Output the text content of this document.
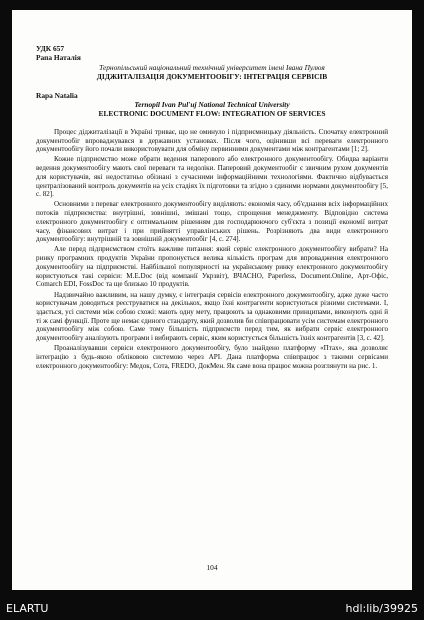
УДК 657
Рапа Наталія
Тернопільський національний технічний університет імені Івана Пулюя
ДІДЖИТАЛІЗАЦІЯ ДОКУМЕНТООБІГУ: ІНТЕГРАЦІЯ СЕРВІСІВ
Rapa Natalia
Ternopil Ivan Pul'uj National Technical University
ELECTRONIC DOCUMENT FLOW: INTEGRATION OF SERVICES

Процес діджиталізації в Україні триває, що не оминуло і підприємницьку діяльність. Спочатку електронний документообіг впроваджувався в державних установах. Після чого, оцінивши всі переваги електронного документообігу його почали використовувати для обміну первинними документами між контрагентами [1; 2].

Кожне підприємство може обрати ведення паперового або електронного документообігу. Обидва варіанти ведення документообігу мають свої переваги та недоліки. Паперовий документообіг є звичним рухом документів для користувачів, які недостатньо обізнані з сучасними інформаційними технологіями. Фактично відбувається централізований контроль документів на усіх стадіях їх підготовки та згідно з єдиними нормами документообігу [5, с. 82].

Основними з переваг електронного документообігу виділяють: економія часу, об'єднання всіх інформаційних потоків підприємства: внутрішні, зовнішні, змішані тощо, спрощення менеджменту. Відповідно система електронного документообігу є оптимальним рішенням для господарюючого суб'єкта з позиції економії витрат часу, фінансових витрат і при прийнятті управлінських рішень. Розрізняють два види електронного документообігу: внутрішній та зовнішній документообіг [4, с. 274].

Але перед підприємством стоїть важливе питання: який сервіс електронного документообігу вибрати? На ринку програмних продуктів України пропонується велика кількість програм для впровадження електронного документообігу на підприємстві. Найбільшої популярності на українському ринку електронного документообігу користуються такі сервіси: M.E.Doc (від компанії Укрзвіт), ВЧАСНО, Paperless, Document.Online, Арт-Офіс, Comarch EDI, FossDoc та ще близько 10 продуктів.

Надзвичайно важливим, на нашу думку, є інтеграція сервісів електронного документообігу, адже дуже часто користувачам доводиться реєструватися на декількох, якщо їхні контрагенти користуються різними системами. І, здається, усі системи між собою схожі: мають одну мету, працюють за однаковими принципами, виконують одні й ті ж самі функції. Проте ще немає єдиного стандарту, який дозволив би співпрацювати усім системам електронного документообігу між собою. Саме тому більшість підприємств перед тим, як вибрати сервіс електронного документообігу аналізують програми і вибирають сервіс, яким користується більшість їхніх контрагентів [3, с. 42].

Проаналізувавши сервіси електронного документообігу, було знайдено платформу «Птах», яка дозволяє інтеграцію з будь-якою обліковою системою через API. Дана платформа співпрацює з такими сервісами електронного документообігу: Медок, Сота, FREDO, ДокМен. Як саме вона працює можна розглянути на рис. 1.

104
ELARTU	hdl:lib/39925
